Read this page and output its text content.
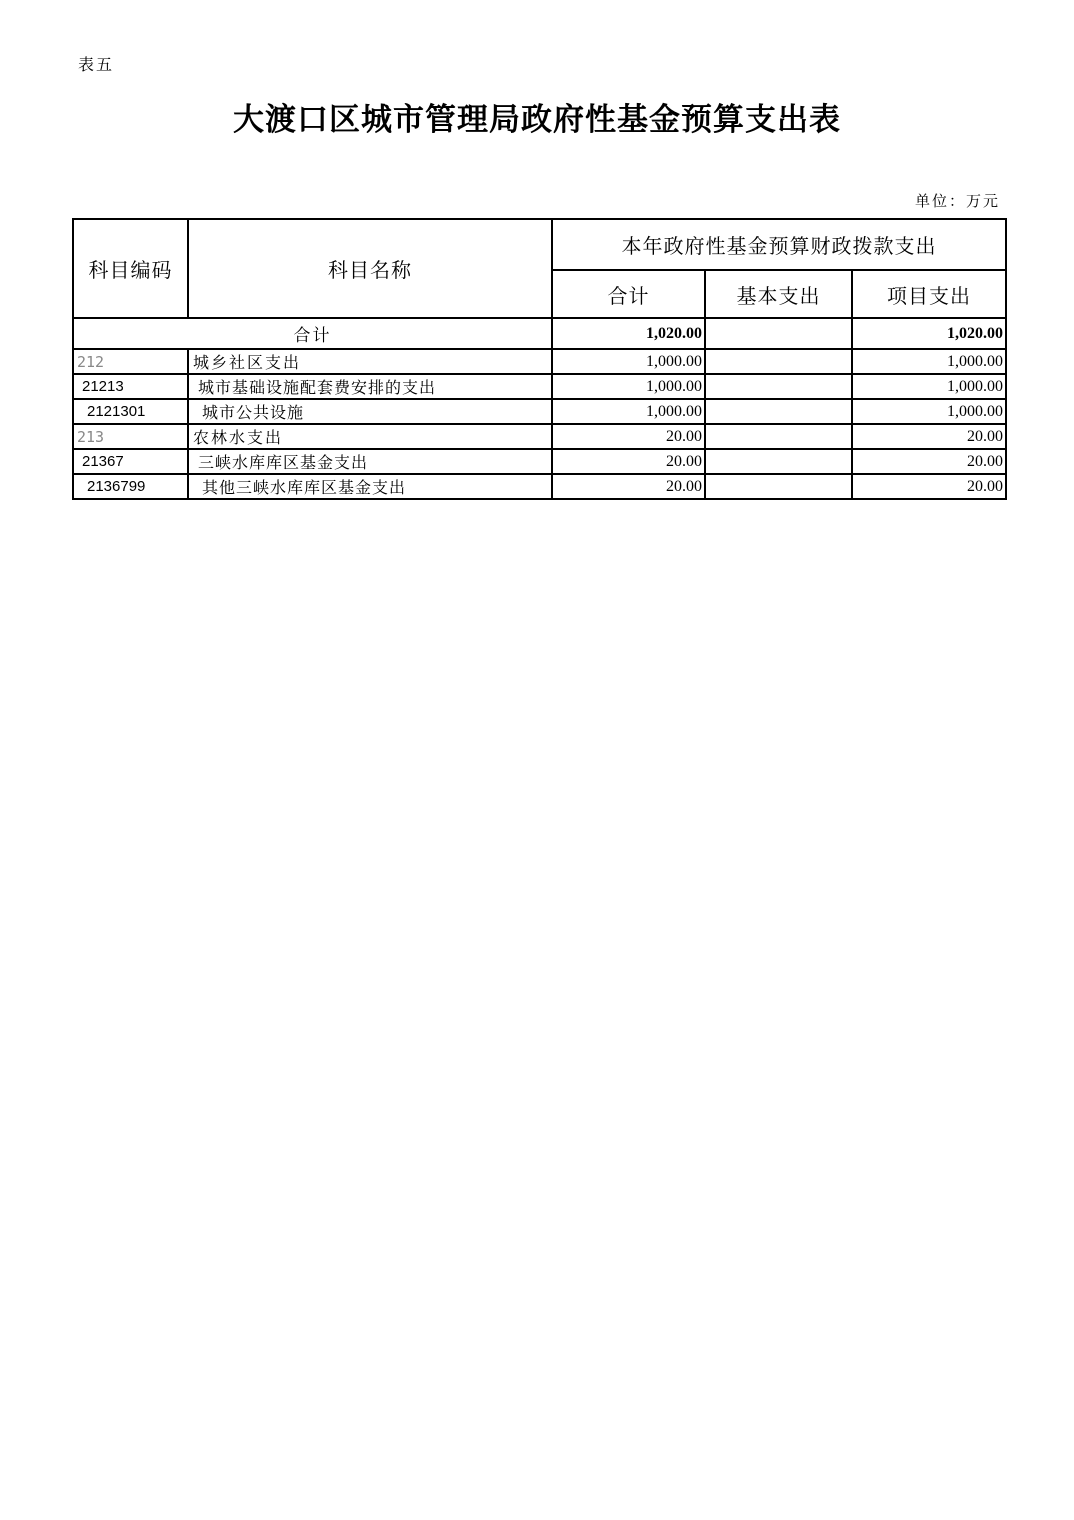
表五
大渡口区城市管理局政府性基金预算支出表
单位：万元
科目编码	科目名称	本年政府性基金预算财政拨款支出		
		合计	基本支出	项目支出
合计		1,020.00		1,020.00
212	城乡社区支出	1,000.00		1,000.00
21213	城市基础设施配套费安排的支出	1,000.00		1,000.00
2121301	城市公共设施	1,000.00		1,000.00
213	农林水支出	20.00		20.00
21367	三峡水库库区基金支出	20.00		20.00
2136799	其他三峡水库库区基金支出	20.00		20.00
